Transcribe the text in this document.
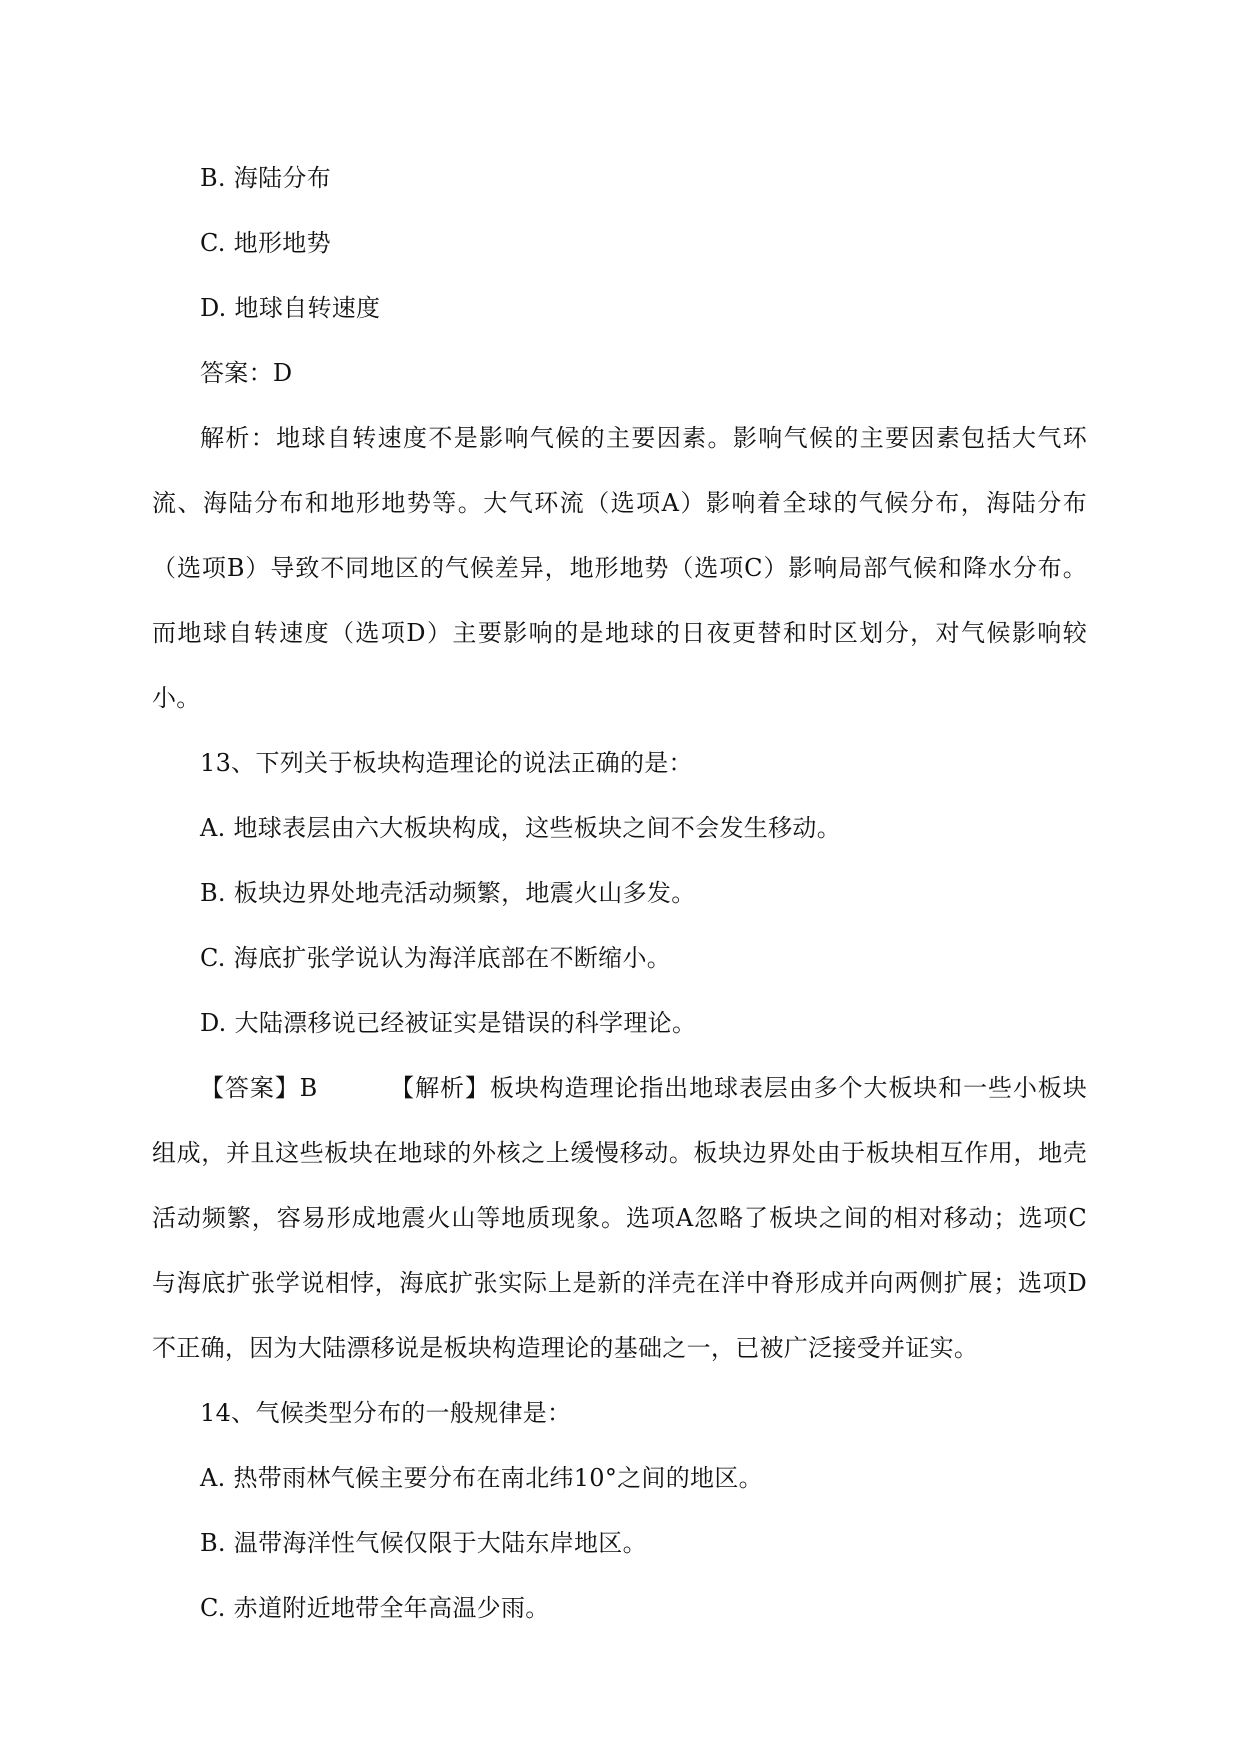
B. 海陆分布

C. 地形地势

D. 地球自转速度

答案：D

解析：地球自转速度不是影响气候的主要因素。影响气候的主要因素包括大气环流、海陆分布和地形地势等。大气环流（选项A）影响着全球的气候分布，海陆分布（选项B）导致不同地区的气候差异，地形地势（选项C）影响局部气候和降水分布。而地球自转速度（选项D）主要影响的是地球的日夜更替和时区划分，对气候影响较小。

13、下列关于板块构造理论的说法正确的是：

A. 地球表层由六大板块构成，这些板块之间不会发生移动。

B. 板块边界处地壳活动频繁，地震火山多发。

C. 海底扩张学说认为海洋底部在不断缩小。

D. 大陆漂移说已经被证实是错误的科学理论。

【答案】B	【解析】板块构造理论指出地球表层由多个大板块和一些小板块组成，并且这些板块在地球的外核之上缓慢移动。板块边界处由于板块相互作用，地壳活动频繁，容易形成地震火山等地质现象。选项A忽略了板块之间的相对移动；选项C与海底扩张学说相悖，海底扩张实际上是新的洋壳在洋中脊形成并向两侧扩展；选项D不正确，因为大陆漂移说是板块构造理论的基础之一，已被广泛接受并证实。

14、气候类型分布的一般规律是：

A. 热带雨林气候主要分布在南北纬10°之间的地区。

B. 温带海洋性气候仅限于大陆东岸地区。

C. 赤道附近地带全年高温少雨。
